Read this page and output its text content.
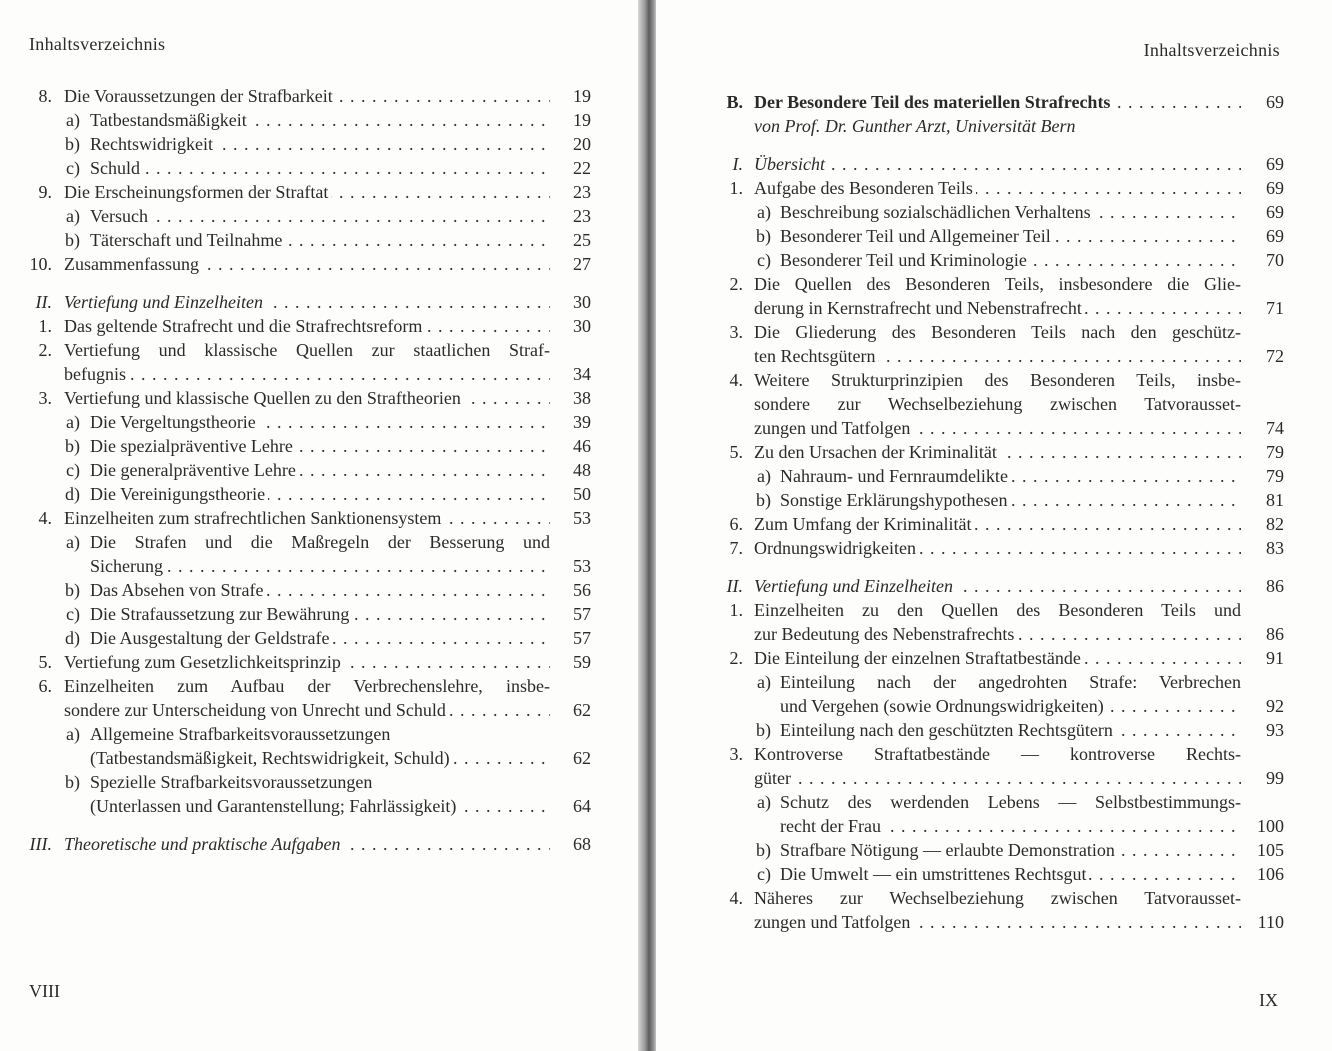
Inhaltsverzeichnis
8. Die Voraussetzungen der Strafbarkeit . . .	19
a) Tatbestandsmäßigkeit . . .	19
b) Rechtswidrigkeit . . .	20
c) Schuld . . .	22
9. Die Erscheinungsformen der Straftat . . .	23
a) Versuch . . .	23
b) Täterschaft und Teilnahme . . .	25
10. Zusammenfassung . . .	27
II. Vertiefung und Einzelheiten . . .	30
1. Das geltende Strafrecht und die Strafrechtsreform . . .	30
2. Vertiefung und klassische Quellen zur staatlichen Straf-
befugnis . . .	34
3. Vertiefung und klassische Quellen zu den Straftheorien . . .	38
a) Die Vergeltungstheorie . . .	39
b) Die spezialpräventive Lehre . . .	46
c) Die generalpräventive Lehre . . .	48
d) Die Vereinigungstheorie . . .	50
4. Einzelheiten zum strafrechtlichen Sanktionensystem . . .	53
a) Die Strafen und die Maßregeln der Besserung und
Sicherung . . .	53
b) Das Absehen von Strafe . . .	56
c) Die Strafaussetzung zur Bewährung . . .	57
d) Die Ausgestaltung der Geldstrafe . . .	57
5. Vertiefung zum Gesetzlichkeitsprinzip . . .	59
6. Einzelheiten zum Aufbau der Verbrechenslehre, insbe-
sondere zur Unterscheidung von Unrecht und Schuld . . .	62
a) Allgemeine Strafbarkeitsvoraussetzungen
(Tatbestandsmäßigkeit, Rechtswidrigkeit, Schuld) . . .	62
b) Spezielle Strafbarkeitsvoraussetzungen
(Unterlassen und Garantenstellung; Fahrlässigkeit) . . .	64
III. Theoretische und praktische Aufgaben . . .	68
VIII
Inhaltsverzeichnis
IX
B. Der Besondere Teil des materiellen Strafrechts . . .	69
von Prof. Dr. Gunther Arzt, Universität Bern
I. Übersicht . . .	69
1. Aufgabe des Besonderen Teils . . .	69
a) Beschreibung sozialschädlichen Verhaltens . . .	69
b) Besonderer Teil und Allgemeiner Teil . . .	69
c) Besonderer Teil und Kriminologie . . .	70
2. Die Quellen des Besonderen Teils, insbesondere die Glie-
derung in Kernstrafrecht und Nebenstrafrecht . . .	71
3. Die Gliederung des Besonderen Teils nach den geschütz-
ten Rechtsgütern . . .	72
4. Weitere Strukturprinzipien des Besonderen Teils, insbe-
sondere zur Wechselbeziehung zwischen Tatvorausset-
zungen und Tatfolgen . . .	74
5. Zu den Ursachen der Kriminalität . . .	79
a) Nahraum- und Fernraumdelikte . . .	79
b) Sonstige Erklärungshypothesen . . .	81
6. Zum Umfang der Kriminalität . . .	82
7. Ordnungswidrigkeiten . . .	83
II. Vertiefung und Einzelheiten . . .	86
1. Einzelheiten zu den Quellen des Besonderen Teils und
zur Bedeutung des Nebenstrafrechts . . .	86
2. Die Einteilung der einzelnen Straftatbestände . . .	91
a) Einteilung nach der angedrohten Strafe: Verbrechen
und Vergehen (sowie Ordnungswidrigkeiten) . . .	92
b) Einteilung nach den geschützten Rechtsgütern . . .	93
3. Kontroverse Straftatbestände — kontroverse Rechts-
güter . . .	99
a) Schutz des werdenden Lebens — Selbstbestimmungs-
recht der Frau . . .	100
b) Strafbare Nötigung — erlaubte Demonstration . . .	105
c) Die Umwelt — ein umstrittenes Rechtsgut . . .	106
4. Näheres zur Wechselbeziehung zwischen Tatvorausset-
zungen und Tatfolgen . . .	110
